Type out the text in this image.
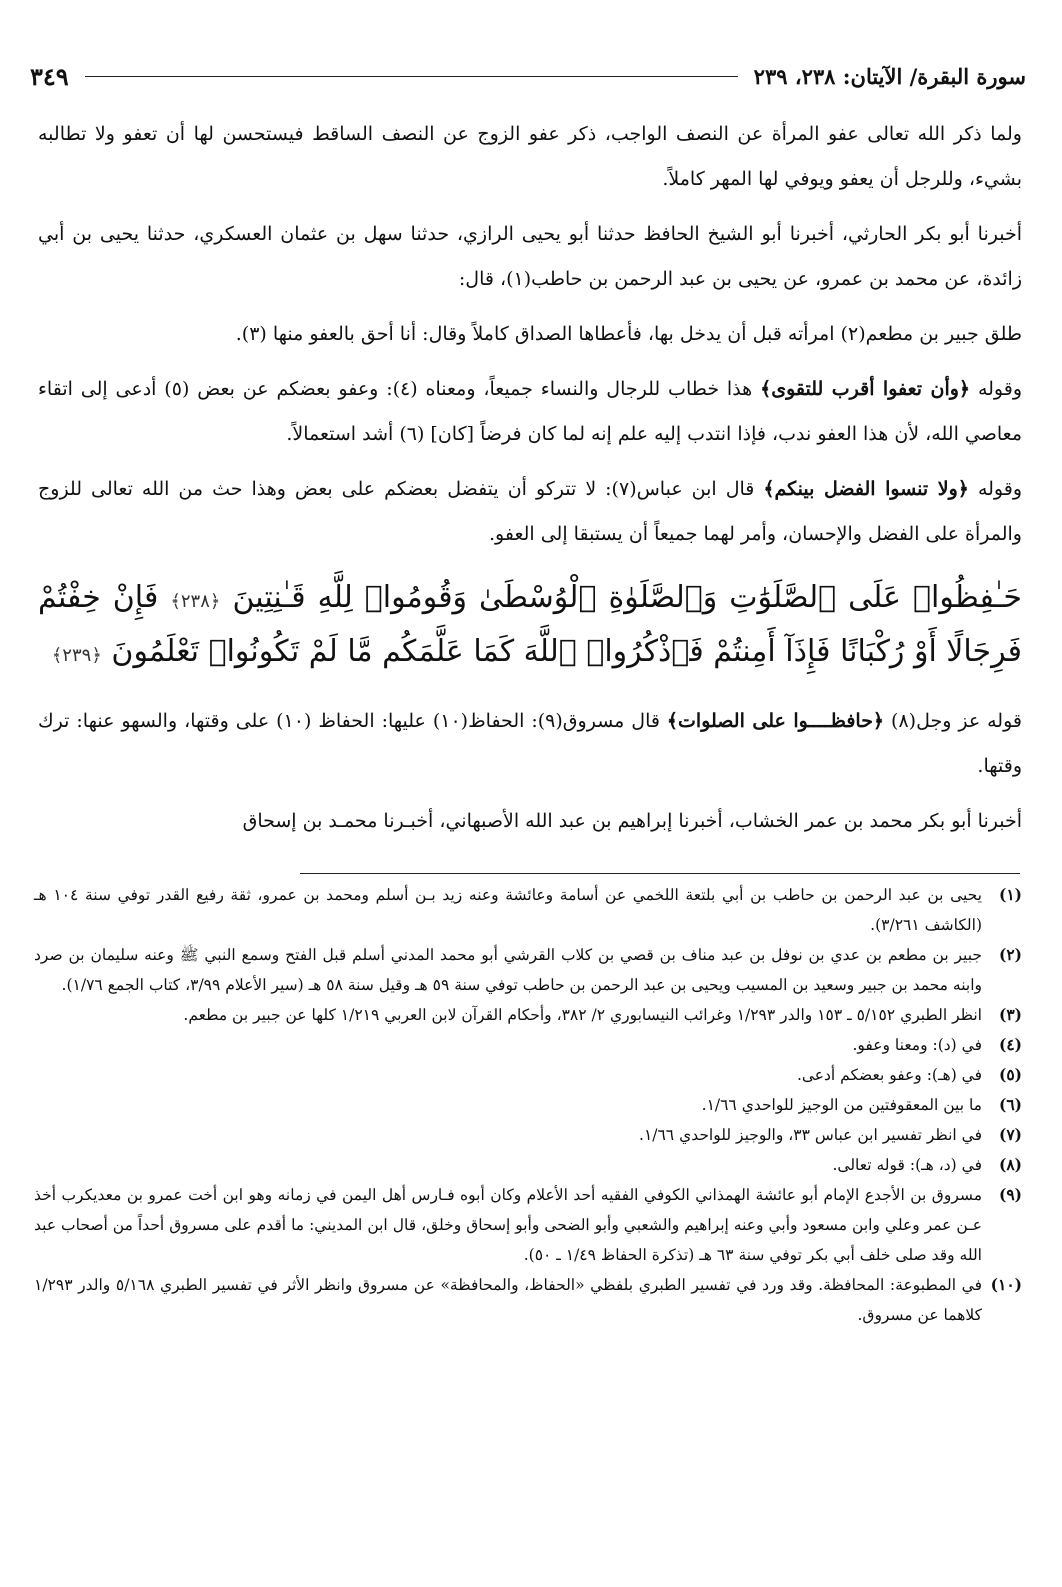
سورة البقرة/ الآيتان: ٢٣٨، ٢٣٩
٣٤٩

ولما ذكر الله تعالى عفو المرأة عن النصف الواجب، ذكر عفو الزوج عن النصف الساقط فيستحسن لها أن تعفو ولا تطالبه بشيء، وللرجل أن يعفو ويوفي لها المهر كاملاً.

أخبرنا أبو بكر الحارثي، أخبرنا أبو الشيخ الحافظ حدثنا أبو يحيى الرازي، حدثنا سهل بن عثمان العسكري، حدثنا يحيى بن أبي زائدة، عن محمد بن عمرو، عن يحيى بن عبد الرحمن بن حاطب(١)، قال:

طلق جبير بن مطعم(٢) امرأته قبل أن يدخل بها، فأعطاها الصداق كاملاً وقال: أنا أحق بالعفو منها (٣).

وقوله ﴿وأن تعفوا أقرب للتقوى﴾ هذا خطاب للرجال والنساء جميعاً، ومعناه (٤): وعفو بعضكم عن بعض (٥) أدعى إلى اتقاء معاصي الله، لأن هذا العفو ندب، فإذا انتدب إليه علم إنه لما كان فرضاً [كان] (٦) أشد استعمالاً.

وقوله ﴿ولا تنسوا الفضل بينكم﴾ قال ابن عباس(٧): لا تتركو أن يتفضل بعضكم على بعض وهذا حث من الله تعالى للزوج والمرأة على الفضل والإحسان، وأمر لهما جميعاً أن يستبقا إلى العفو.

حَـٰفِظُوا۟ عَلَى ٱلصَّلَوَٰتِ وَٱلصَّلَوٰةِ ٱلْوُسْطَىٰ وَقُومُوا۟ لِلَّهِ قَـٰنِتِينَ ﴿٢٣٨﴾ فَإِنْ خِفْتُمْ فَرِجَالًا أَوْ رُكْبَانًا فَإِذَآ أَمِنتُمْ فَٱذْكُرُوا۟ ٱللَّهَ كَمَا عَلَّمَكُم مَّا لَمْ تَكُونُوا۟ تَعْلَمُونَ ﴿٢٣٩﴾

قوله عز وجل(٨) ﴿حافظــــوا على الصلوات﴾ قال مسروق(٩): الحفاظ(١٠) عليها: الحفاظ (١٠) على وقتها، والسهو عنها: ترك وقتها.

أخبرنا أبو بكر محمد بن عمر الخشاب، أخبرنا إبراهيم بن عبد الله الأصبهاني، أخبـرنا محمـد بن إسحاق

(١)
يحيى بن عبد الرحمن بن حاطب بن أبي بلتعة اللخمي عن أسامة وعائشة وعنه زيد بـن أسلم ومحمد بن عمرو، ثقة رفيع القدر توفي سنة ١٠٤ هـ (الكاشف ٣/٢٦١).
(٢)
جبير بن مطعم بن عدي بن نوفل بن عبد مناف بن قصي بن كلاب القرشي أبو محمد المدني أسلم قبل الفتح وسمع النبي ﷺ وعنه سليمان بن صرد وابنه محمد بن جبير وسعيد بن المسيب ويحيى بن عبد الرحمن بن حاطب توفي سنة ٥٩ هـ وقيل سنة ٥٨ هـ (سير الأعلام ٣/٩٩، كتاب الجمع ١/٧٦).
(٣)
انظر الطبري ٥/١٥٢ ـ ١٥٣ والدر ١/٢٩٣ وغرائب النيسابوري ٢/ ٣٨٢، وأحكام القرآن لابن العربي ١/٢١٩ كلها عن جبير بن مطعم.
(٤)
في (د): ومعنا وعفو.
(٥)
في (هـ): وعفو بعضكم أدعى.
(٦)
ما بين المعقوفتين من الوجيز للواحدي ١/٦٦.
(٧)
في انظر تفسير ابن عباس ٣٣، والوجيز للواحدي ١/٦٦.
(٨)
في (د، هـ): قوله تعالى.
(٩)
مسروق بن الأجدع الإمام أبو عائشة الهمذاني الكوفي الفقيه أحد الأعلام وكان أبوه فـارس أهل اليمن في زمانه وهو ابن أخت عمرو بن معديكرب أخذ عـن عمر وعلي وابن مسعود وأبي وعنه إبراهيم والشعبي وأبو الضحى وأبو إسحاق وخلق، قال ابن المديني: ما أقدم على مسروق أحداً من أصحاب عبد الله وقد صلى خلف أبي بكر توفي سنة ٦٣ هـ (تذكرة الحفاظ ١/٤٩ ـ ٥٠).
(١٠)
في المطبوعة: المحافظة. وقد ورد في تفسير الطبري بلفظي «الحفاظ، والمحافظة» عن مسروق وانظر الأثر في تفسير الطبري ٥/١٦٨ والدر ١/٢٩٣ كلاهما عن مسروق.
